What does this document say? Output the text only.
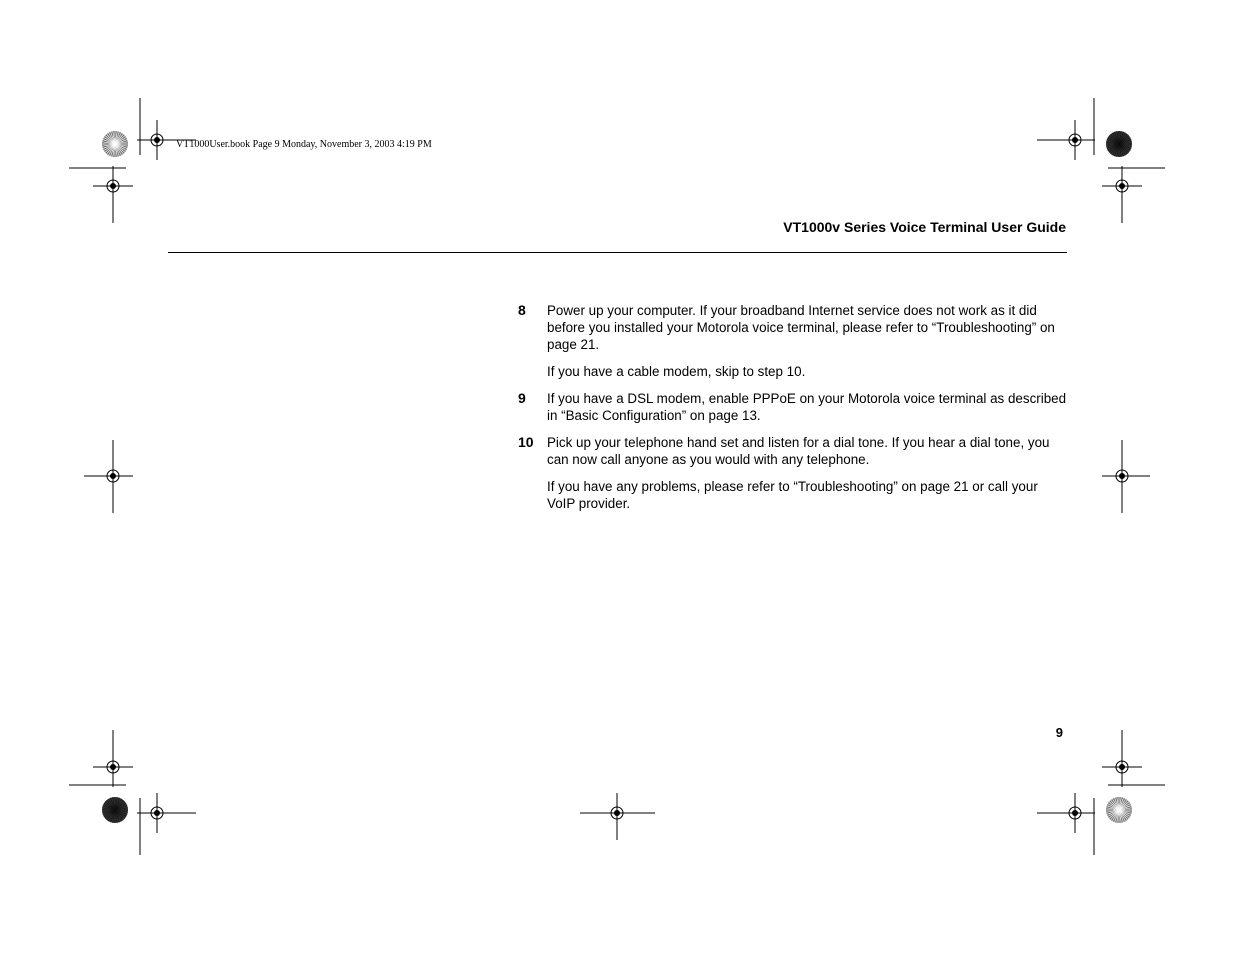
VT1000User.book Page 9 Monday, November 3, 2003 4:19 PM
VT1000v Series Voice Terminal User Guide
8	Power up your computer. If your broadband Internet service does not work as it did before you installed your Motorola voice terminal, please refer to “Troubleshooting” on page 21.
If you have a cable modem, skip to step 10.
9	If you have a DSL modem, enable PPPoE on your Motorola voice terminal as described in “Basic Configuration” on page 13.
10	Pick up your telephone hand set and listen for a dial tone. If you hear a dial tone, you can now call anyone as you would with any telephone.
If you have any problems, please refer to “Troubleshooting” on page 21 or call your VoIP provider.
9
